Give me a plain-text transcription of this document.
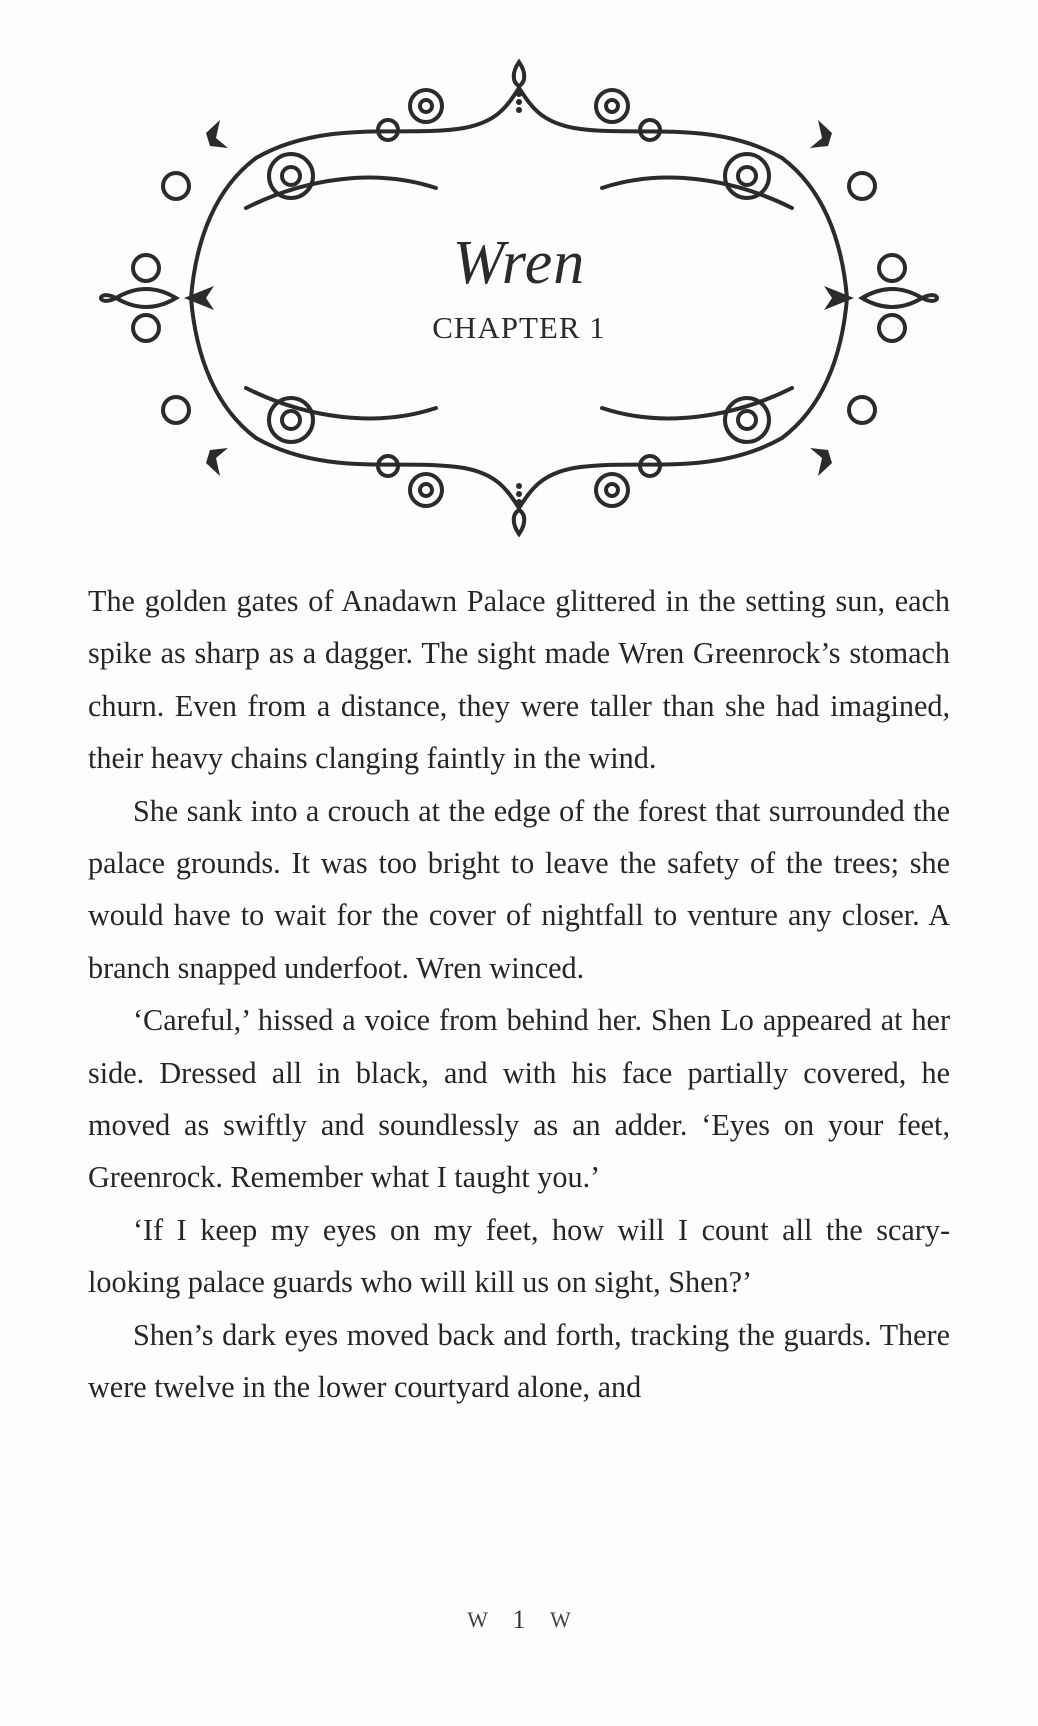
Wren
CHAPTER 1

The golden gates of Anadawn Palace glittered in the setting sun, each spike as sharp as a dagger. The sight made Wren Greenrock’s stomach churn. Even from a distance, they were taller than she had imagined, their heavy chains clanging faintly in the wind.

She sank into a crouch at the edge of the forest that surrounded the palace grounds. It was too bright to leave the safety of the trees; she would have to wait for the cover of nightfall to venture any closer. A branch snapped underfoot. Wren winced.

‘Careful,’ hissed a voice from behind her. Shen Lo appeared at her side. Dressed all in black, and with his face partially covered, he moved as swiftly and soundlessly as an adder. ‘Eyes on your feet, Greenrock. Remember what I taught you.’

‘If I keep my eyes on my feet, how will I count all the scary-looking palace guards who will kill us on sight, Shen?’

Shen’s dark eyes moved back and forth, tracking the guards. There were twelve in the lower courtyard alone, and

W 1 W
